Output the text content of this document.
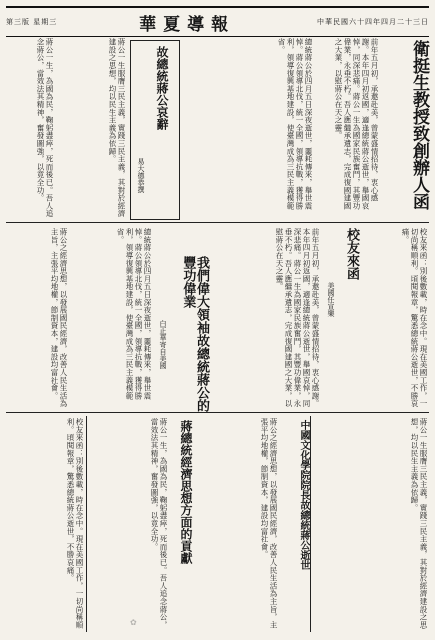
第三版 星期三	華夏導報	中華民國六十四年四月二十三日
衛挺生教授致創辦人函
前年五月初，承邀赴美，曾蒙盛情招待，衷心感謝。本年四月初返國，適逢總統蔣公逝世，舉國哀悼，同深悲痛。蔣公一生為國家民族奮鬥，其豐功偉業，永垂不朽。吾人應繼承遺志，完成復國建國之大業，以慰蔣公在天之靈。
總統蔣公於四月五日深夜逝世，噩耗傳來，舉世震悼。蔣公領導北伐，統一全國，領導抗戰，獲得勝利，領導復興基地建設，使臺灣成為三民主義模範省。
故總統蔣公哀辭
易大德恭撰
蔣公一生服膺三民主義，實踐三民主義，其對於經濟建設之思想，均以民生主義為依歸。
蔣公一生，為國為民，鞠躬盡瘁，死而後已。吾人追念蔣公，當效法其精神，奮發圖強，以竟全功。
校友來函
美國任宣樂	校友來函：別後數載，時在念中。現在美國工作，一切尚稱順利。頃閱報章，驚悉總統蔣公逝世，不勝哀痛。
前年五月初，承邀赴美，曾蒙盛情招待，衷心感謝。本年四月初返國，適逢總統蔣公逝世，舉國哀悼，同深悲痛。蔣公一生為國家民族奮鬥，其豐功偉業，永垂不朽。吾人應繼承遺志，完成復國建國之大業，以慰蔣公在天之靈。
我們偉大領袖故總統蔣公的豐功偉業
白正華寄自美國
總統蔣公於四月五日深夜逝世，噩耗傳來，舉世震悼。蔣公領導北伐，統一全國，領導抗戰，獲得勝利，領導復興基地建設，使臺灣成為三民主義模範省。
蔣公之經濟思想，以發展國民經濟，改善人民生活為主旨，主張平均地權，節制資本，建設均富社會。
中國文化學院院長故總統蔣公逝世	蔣公一生服膺三民主義，實踐三民主義，其對於經濟建設之思想，均以民生主義為依歸。
蔣總統經濟思想方面的貢獻	蔣公之經濟思想，以發展國民經濟，改善人民生活為主旨，主張平均地權，節制資本，建設均富社會。
蔣公一生，為國為民，鞠躬盡瘁，死而後已。吾人追念蔣公，當效法其精神，奮發圖強，以竟全功。
校友來函：別後數載，時在念中。現在美國工作，一切尚稱順利。頃閱報章，驚悉總統蔣公逝世，不勝哀痛。
✿
